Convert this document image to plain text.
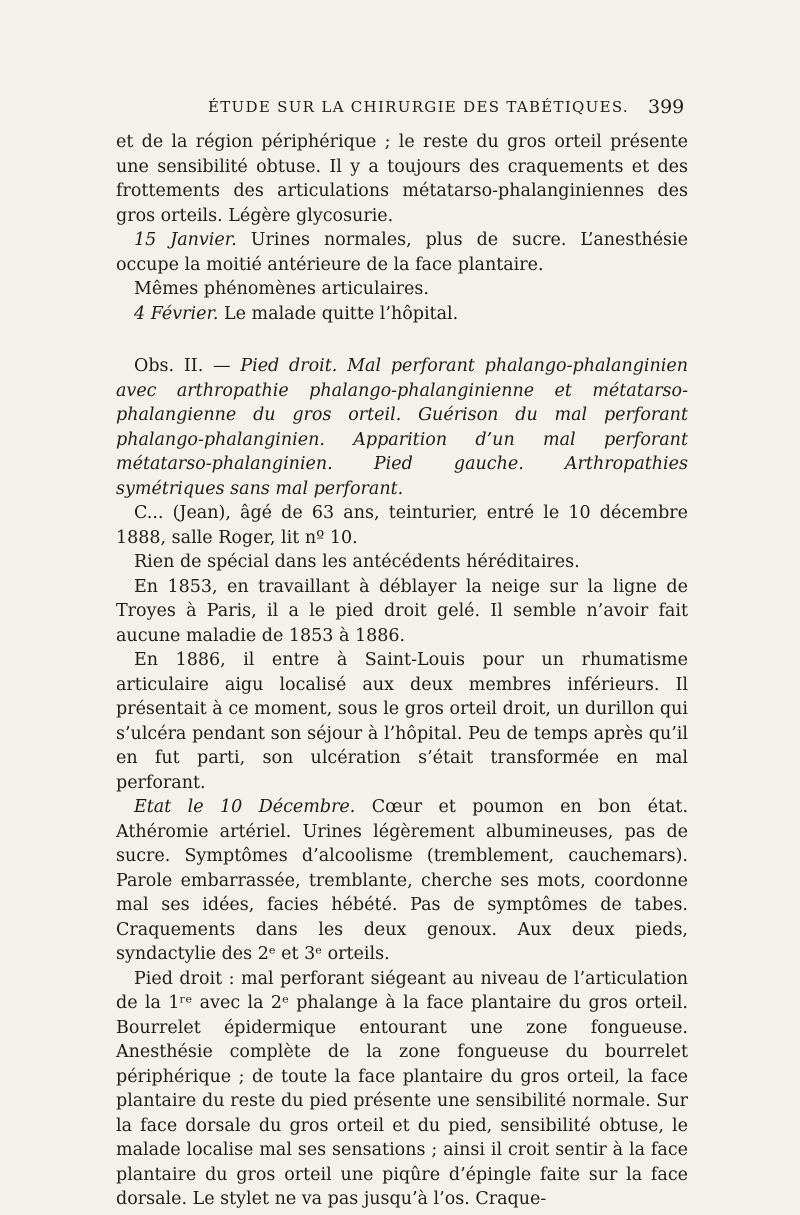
ÉTUDE SUR LA CHIRURGIE DES TABÉTIQUES. 399

et de la région périphérique ; le reste du gros orteil présente une sensibilité obtuse. Il y a toujours des craquements et des frottements des articulations métatarso-phalanginiennes des gros orteils. Légère glycosurie.

15 Janvier. Urines normales, plus de sucre. L’anesthésie occupe la moitié antérieure de la face plantaire.

Mêmes phénomènes articulaires.

4 Février. Le malade quitte l’hôpital.

Obs. II. — Pied droit. Mal perforant phalango-phalanginien avec arthropathie phalango-phalanginienne et métatarso-phalangienne du gros orteil. Guérison du mal perforant phalango-phalanginien. Apparition d’un mal perforant métatarso-phalanginien. Pied gauche. Arthropathies symétriques sans mal perforant.

C... (Jean), âgé de 63 ans, teinturier, entré le 10 décembre 1888, salle Roger, lit nº 10.

Rien de spécial dans les antécédents héréditaires.

En 1853, en travaillant à déblayer la neige sur la ligne de Troyes à Paris, il a le pied droit gelé. Il semble n’avoir fait aucune maladie de 1853 à 1886.

En 1886, il entre à Saint-Louis pour un rhumatisme articulaire aigu localisé aux deux membres inférieurs. Il présentait à ce moment, sous le gros orteil droit, un durillon qui s’ulcéra pendant son séjour à l’hôpital. Peu de temps après qu’il en fut parti, son ulcération s’était transformée en mal perforant.

Etat le 10 Décembre. Cœur et poumon en bon état. Athéromie artériel. Urines légèrement albumineuses, pas de sucre. Symptômes d’alcoolisme (tremblement, cauchemars). Parole embarrassée, tremblante, cherche ses mots, coordonne mal ses idées, facies hébété. Pas de symptômes de tabes. Craquements dans les deux genoux. Aux deux pieds, syndactylie des 2ᵉ et 3ᵉ orteils.

Pied droit : mal perforant siégeant au niveau de l’articulation de la 1ʳᵉ avec la 2ᵉ phalange à la face plantaire du gros orteil. Bourrelet épidermique entourant une zone fongueuse. Anesthésie complète de la zone fongueuse du bourrelet périphérique ; de toute la face plantaire du gros orteil, la face plantaire du reste du pied présente une sensibilité normale. Sur la face dorsale du gros orteil et du pied, sensibilité obtuse, le malade localise mal ses sensations ; ainsi il croit sentir à la face plantaire du gros orteil une piqûre d’épingle faite sur la face dorsale. Le stylet ne va pas jusqu’à l’os. Craque-
